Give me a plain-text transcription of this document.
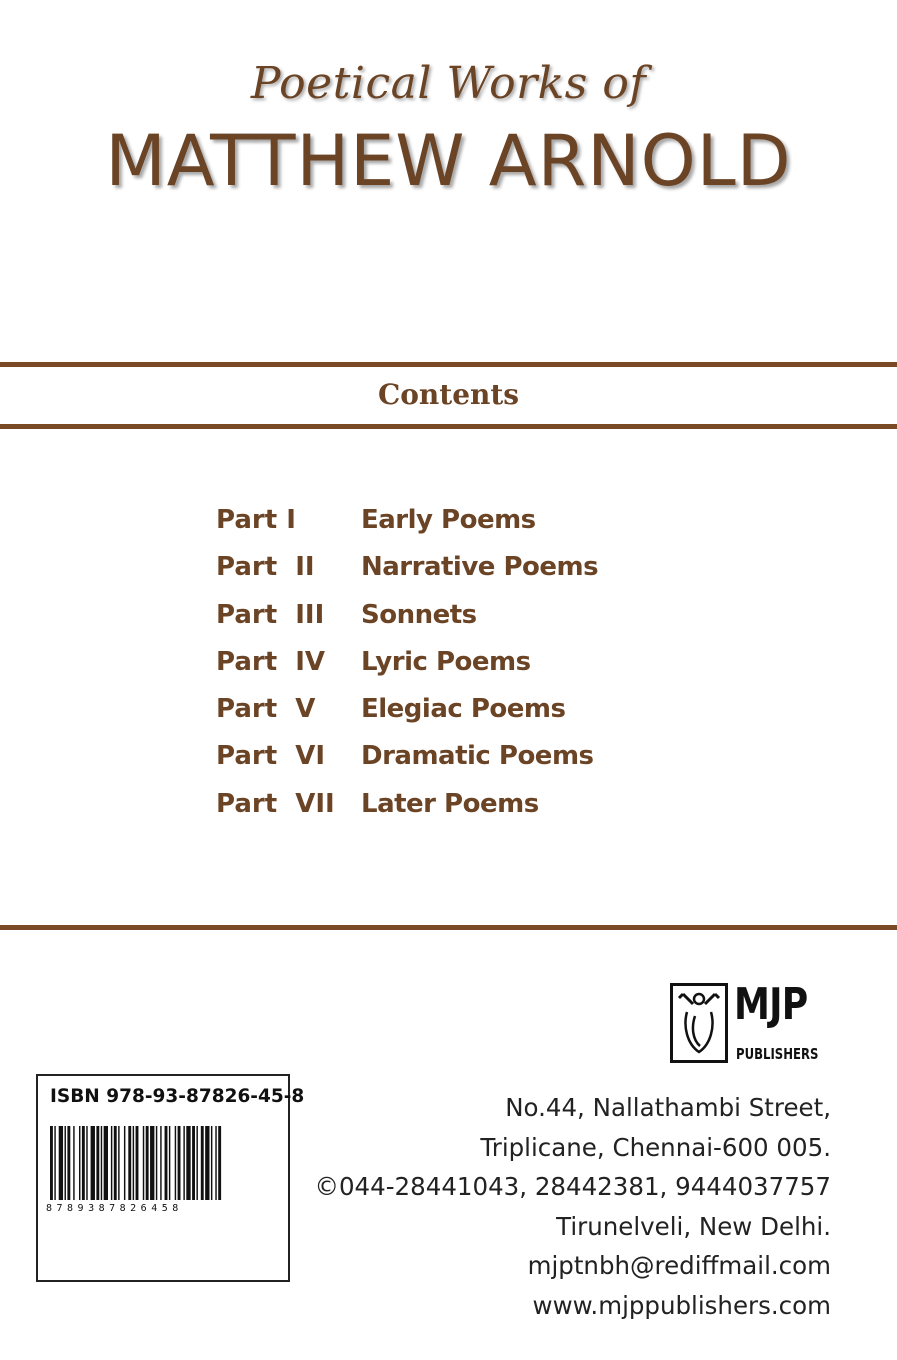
Poetical Works of
MATTHEW ARNOLD
Contents
Part I	Early Poems
Part  II Narrative Poems
Part  III Sonnets
Part  IV Lyric Poems
Part  V Elegiac Poems
Part  VI Dramatic Poems
Part  VII Later Poems
MJP
PUBLISHERS
No.44, Nallathambi Street,
Triplicane, Chennai-600 005.
©044-28441043, 28442381, 9444037757
Tirunelveli, New Delhi.
mjptnbh@rediffmail.com
www.mjppublishers.com
ISBN 978-93-87826-45-8
8789387826458
